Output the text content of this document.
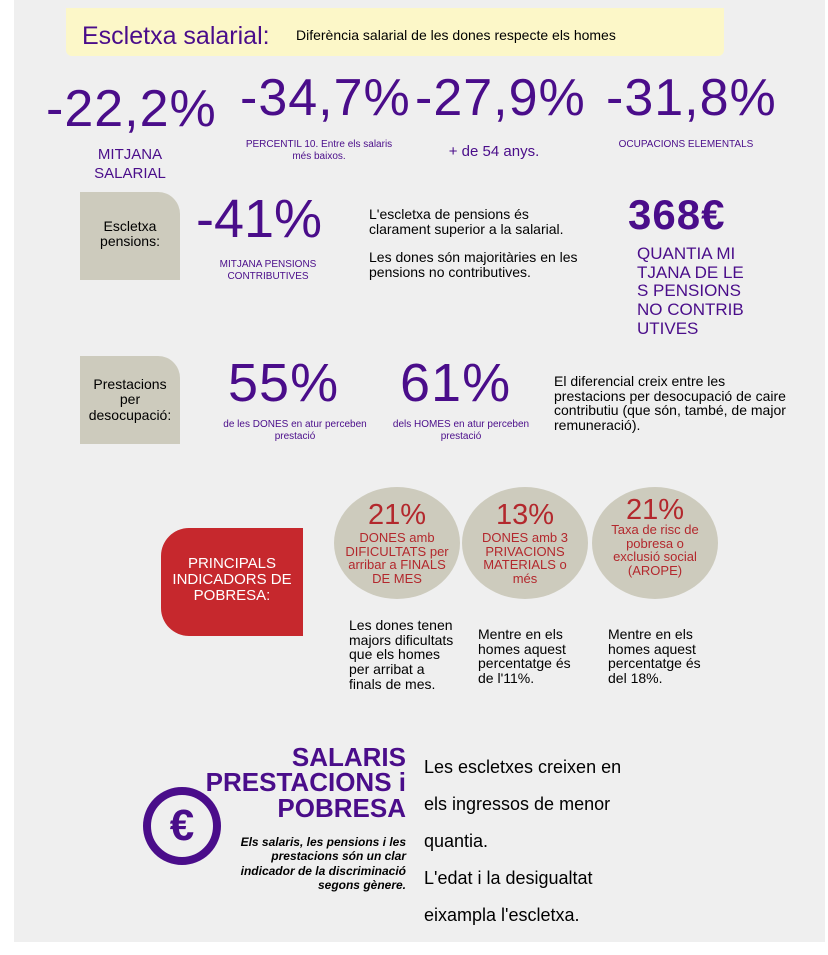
Escletxa salarial: Diferència salarial de les dones respecte els homes
-22,2%
MITJANA SALARIAL
-34,7%
PERCENTIL 10. Entre els salaris més baixos.
-27,9%
+ de 54 anys.
-31,8%
OCUPACIONS ELEMENTALS
Escletxa pensions: -41%
MITJANA PENSIONS CONTRIBUTIVES
L'escletxa de pensions és clarament superior a la salarial.
Les dones són majoritàries en les pensions no contributives.
368€
QUANTIA MITJANA DE LES PENSIONS NO CONTRIBUTIVES
Prestacions per desocupació:
55%
de les DONES en atur perceben prestació
61%
dels HOMES en atur perceben prestació
El diferencial creix entre les prestacions per desocupació de caire contributiu (que són, també, de major remuneració).
PRINCIPALS INDICADORS DE POBRESA:
21%
DONES amb DIFICULTATS per arribar a FINALS DE MES
13%
DONES amb 3 PRIVACIONS MATERIALS o més
21%
Taxa de risc de pobresa o exclusió social (AROPE)
Les dones tenen majors dificultats que els homes per arribat a finals de mes.
Mentre en els homes aquest percentatge és de l'11%.
Mentre en els homes aquest percentatge és del 18%.
SALARIS
PRESTACIONS i
POBRESA
€	Els salaris, les pensions i les prestacions són un clar indicador de la discriminació segons gènere.
Les escletxes creixen en
els ingressos de menor
quantia.
L'edat i la desigualtat
eixampla l'escletxa.
